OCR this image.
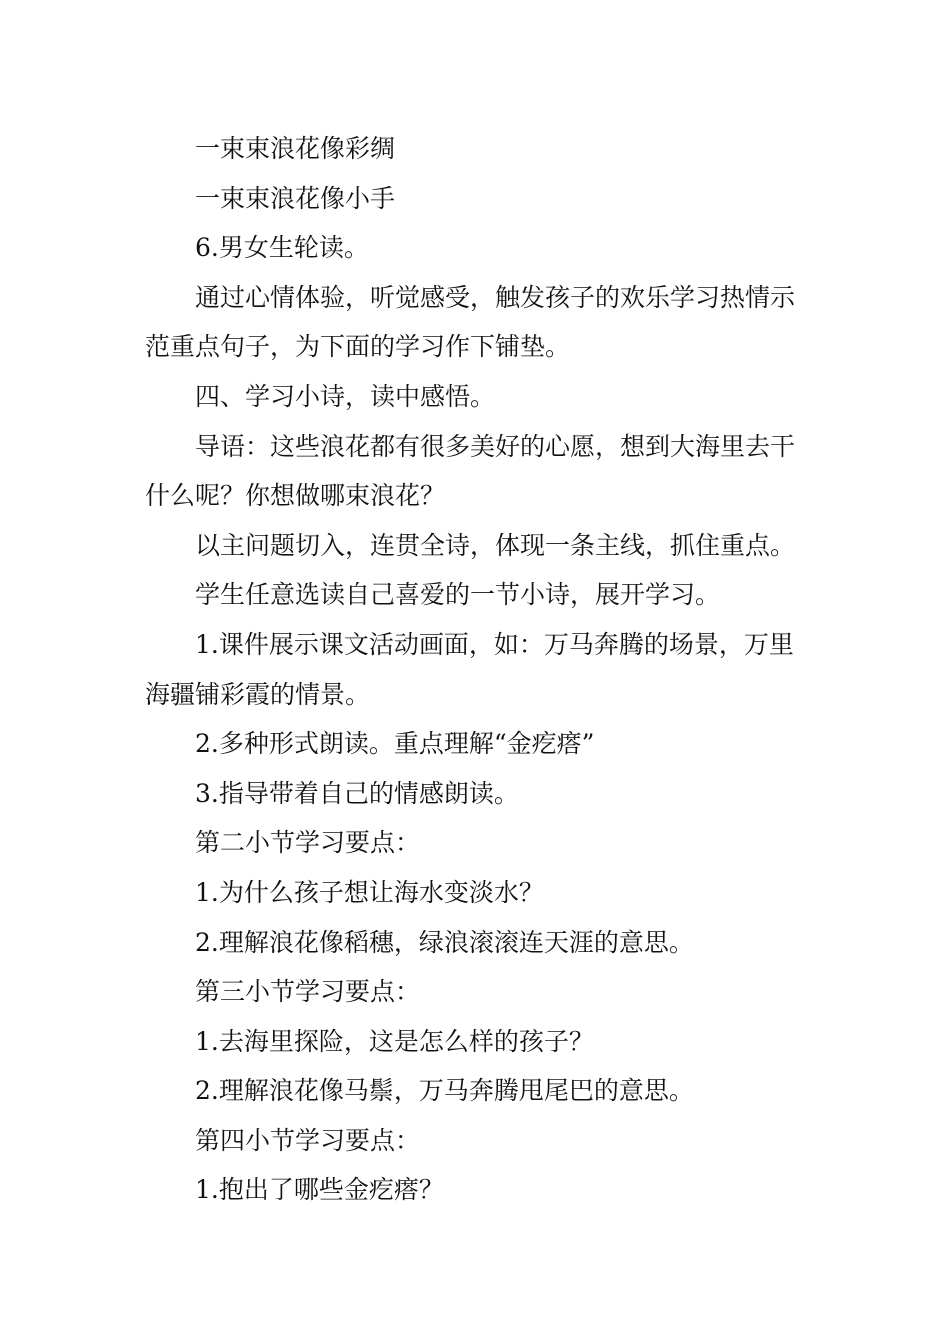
一束束浪花像彩绸

一束束浪花像小手

6.男女生轮读。

通过心情体验，听觉感受，触发孩子的欢乐学习热情示范重点句子，为下面的学习作下铺垫。

四、学习小诗，读中感悟。

导语：这些浪花都有很多美好的心愿，想到大海里去干什么呢？你想做哪束浪花？

以主问题切入，连贯全诗，体现一条主线，抓住重点。

学生任意选读自己喜爱的一节小诗，展开学习。

1.课件展示课文活动画面，如：万马奔腾的场景，万里海疆铺彩霞的情景。

2.多种形式朗读。重点理解“金疙瘩”

3.指导带着自己的情感朗读。

第二小节学习要点：

1.为什么孩子想让海水变淡水？

2.理解浪花像稻穗，绿浪滚滚连天涯的意思。

第三小节学习要点：

1.去海里探险，这是怎么样的孩子？

2.理解浪花像马鬃，万马奔腾甩尾巴的意思。

第四小节学习要点：

1.抱出了哪些金疙瘩？
